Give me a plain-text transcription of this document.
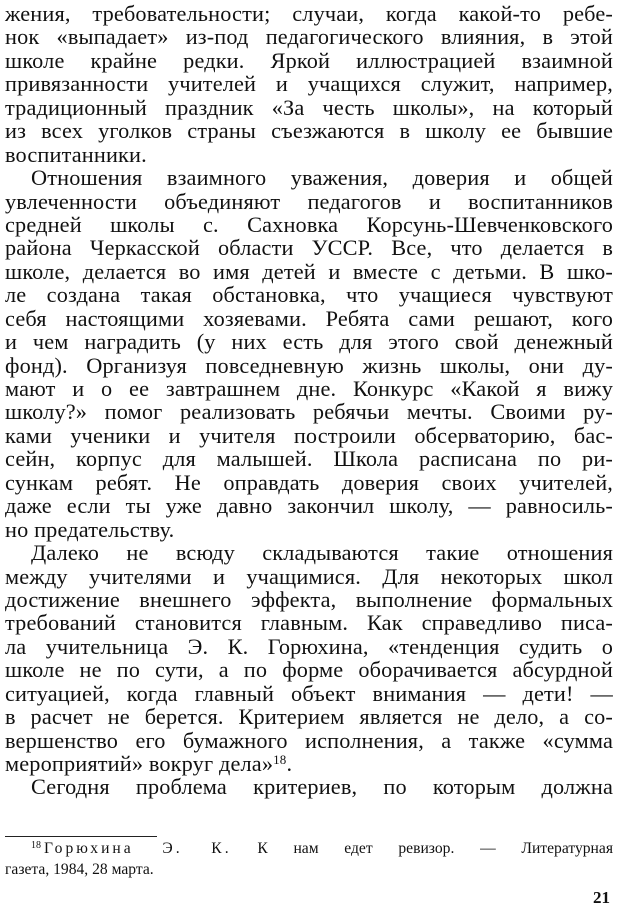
жения, требовательности; случаи, когда какой-то ребе-
нок «выпадает» из-под педагогического влияния, в этой
школе крайне редки. Яркой иллюстрацией взаимной
привязанности учителей и учащихся служит, например,
традиционный праздник «За честь школы», на который
из всех уголков страны съезжаются в школу ее бывшие
воспитанники.
Отношения взаимного уважения, доверия и общей
увлеченности объединяют педагогов и воспитанников
средней школы с. Сахновка Корсунь-Шевченковского
района Черкасской области УССР. Все, что делается в
школе, делается во имя детей и вместе с детьми. В шко-
ле создана такая обстановка, что учащиеся чувствуют
себя настоящими хозяевами. Ребята сами решают, кого
и чем наградить (у них есть для этого свой денежный
фонд). Организуя повседневную жизнь школы, они ду-
мают и о ее завтрашнем дне. Конкурс «Какой я вижу
школу?» помог реализовать ребячьи мечты. Своими ру-
ками ученики и учителя построили обсерваторию, бас-
сейн, корпус для малышей. Школа расписана по ри-
сункам ребят. Не оправдать доверия своих учителей,
даже если ты уже давно закончил школу, — равносиль-
но предательству.
Далеко не всюду складываются такие отношения
между учителями и учащимися. Для некоторых школ
достижение внешнего эффекта, выполнение формальных
требований становится главным. Как справедливо писа-
ла учительница Э. К. Горюхина, «тенденция судить о
школе не по сути, а по форме оборачивается абсурдной
ситуацией, когда главный объект внимания — дети! —
в расчет не берется. Критерием является не дело, а со-
вершенство его бумажного исполнения, а также «сумма
мероприятий» вокруг дела»$^{18}$.
Сегодня проблема критериев, по которым должна
$^{18}$ Горюхина Э. К. К нам едет ревизор. — Литературная
газета, 1984, 28 марта.
21
